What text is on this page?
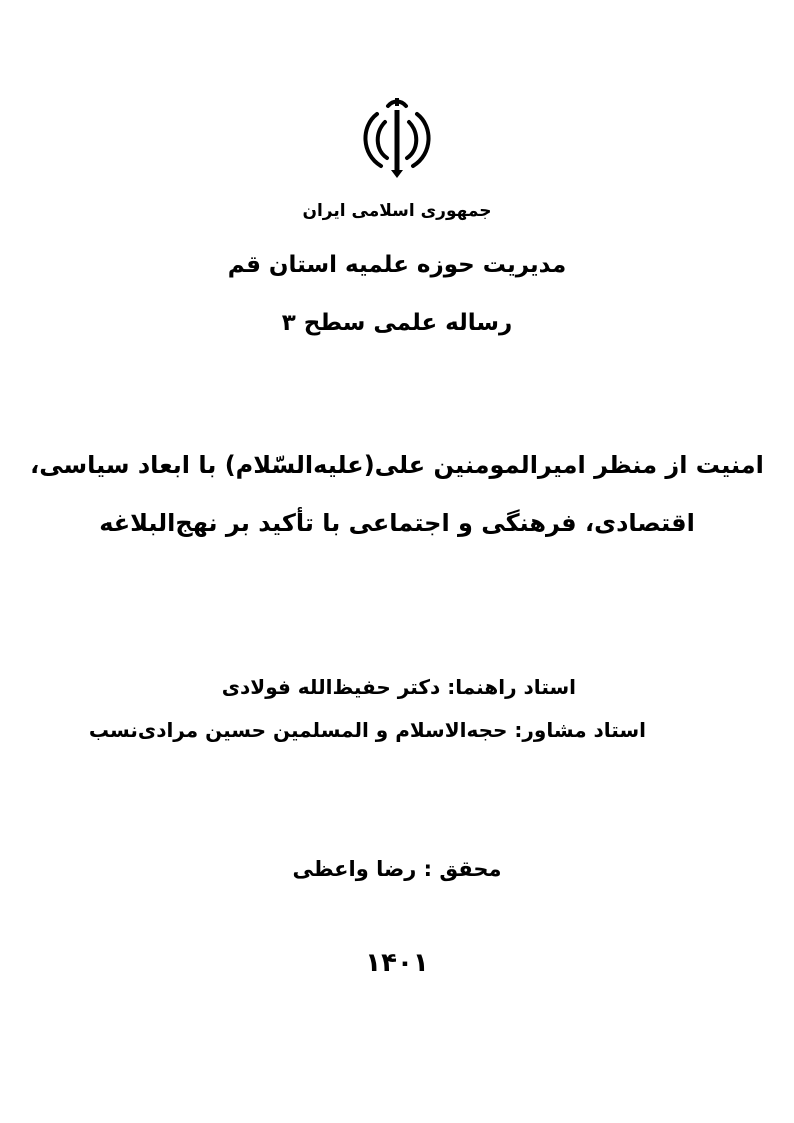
جمهوری اسلامی ایران

مدیریت حوزه علمیه استان قم

رساله علمی سطح ۳

امنیت از منظر امیرالمومنین علی(علیه‌السّلام) با ابعاد سیاسی،

اقتصادی، فرهنگی و اجتماعی با تأکید بر نهج‌البلاغه

استاد راهنما: دکتر حفیظ‌الله فولادی

استاد مشاور: حجه‌الاسلام و المسلمین حسین مرادی‌نسب

محقق : رضا واعظی

۱۴۰۱
